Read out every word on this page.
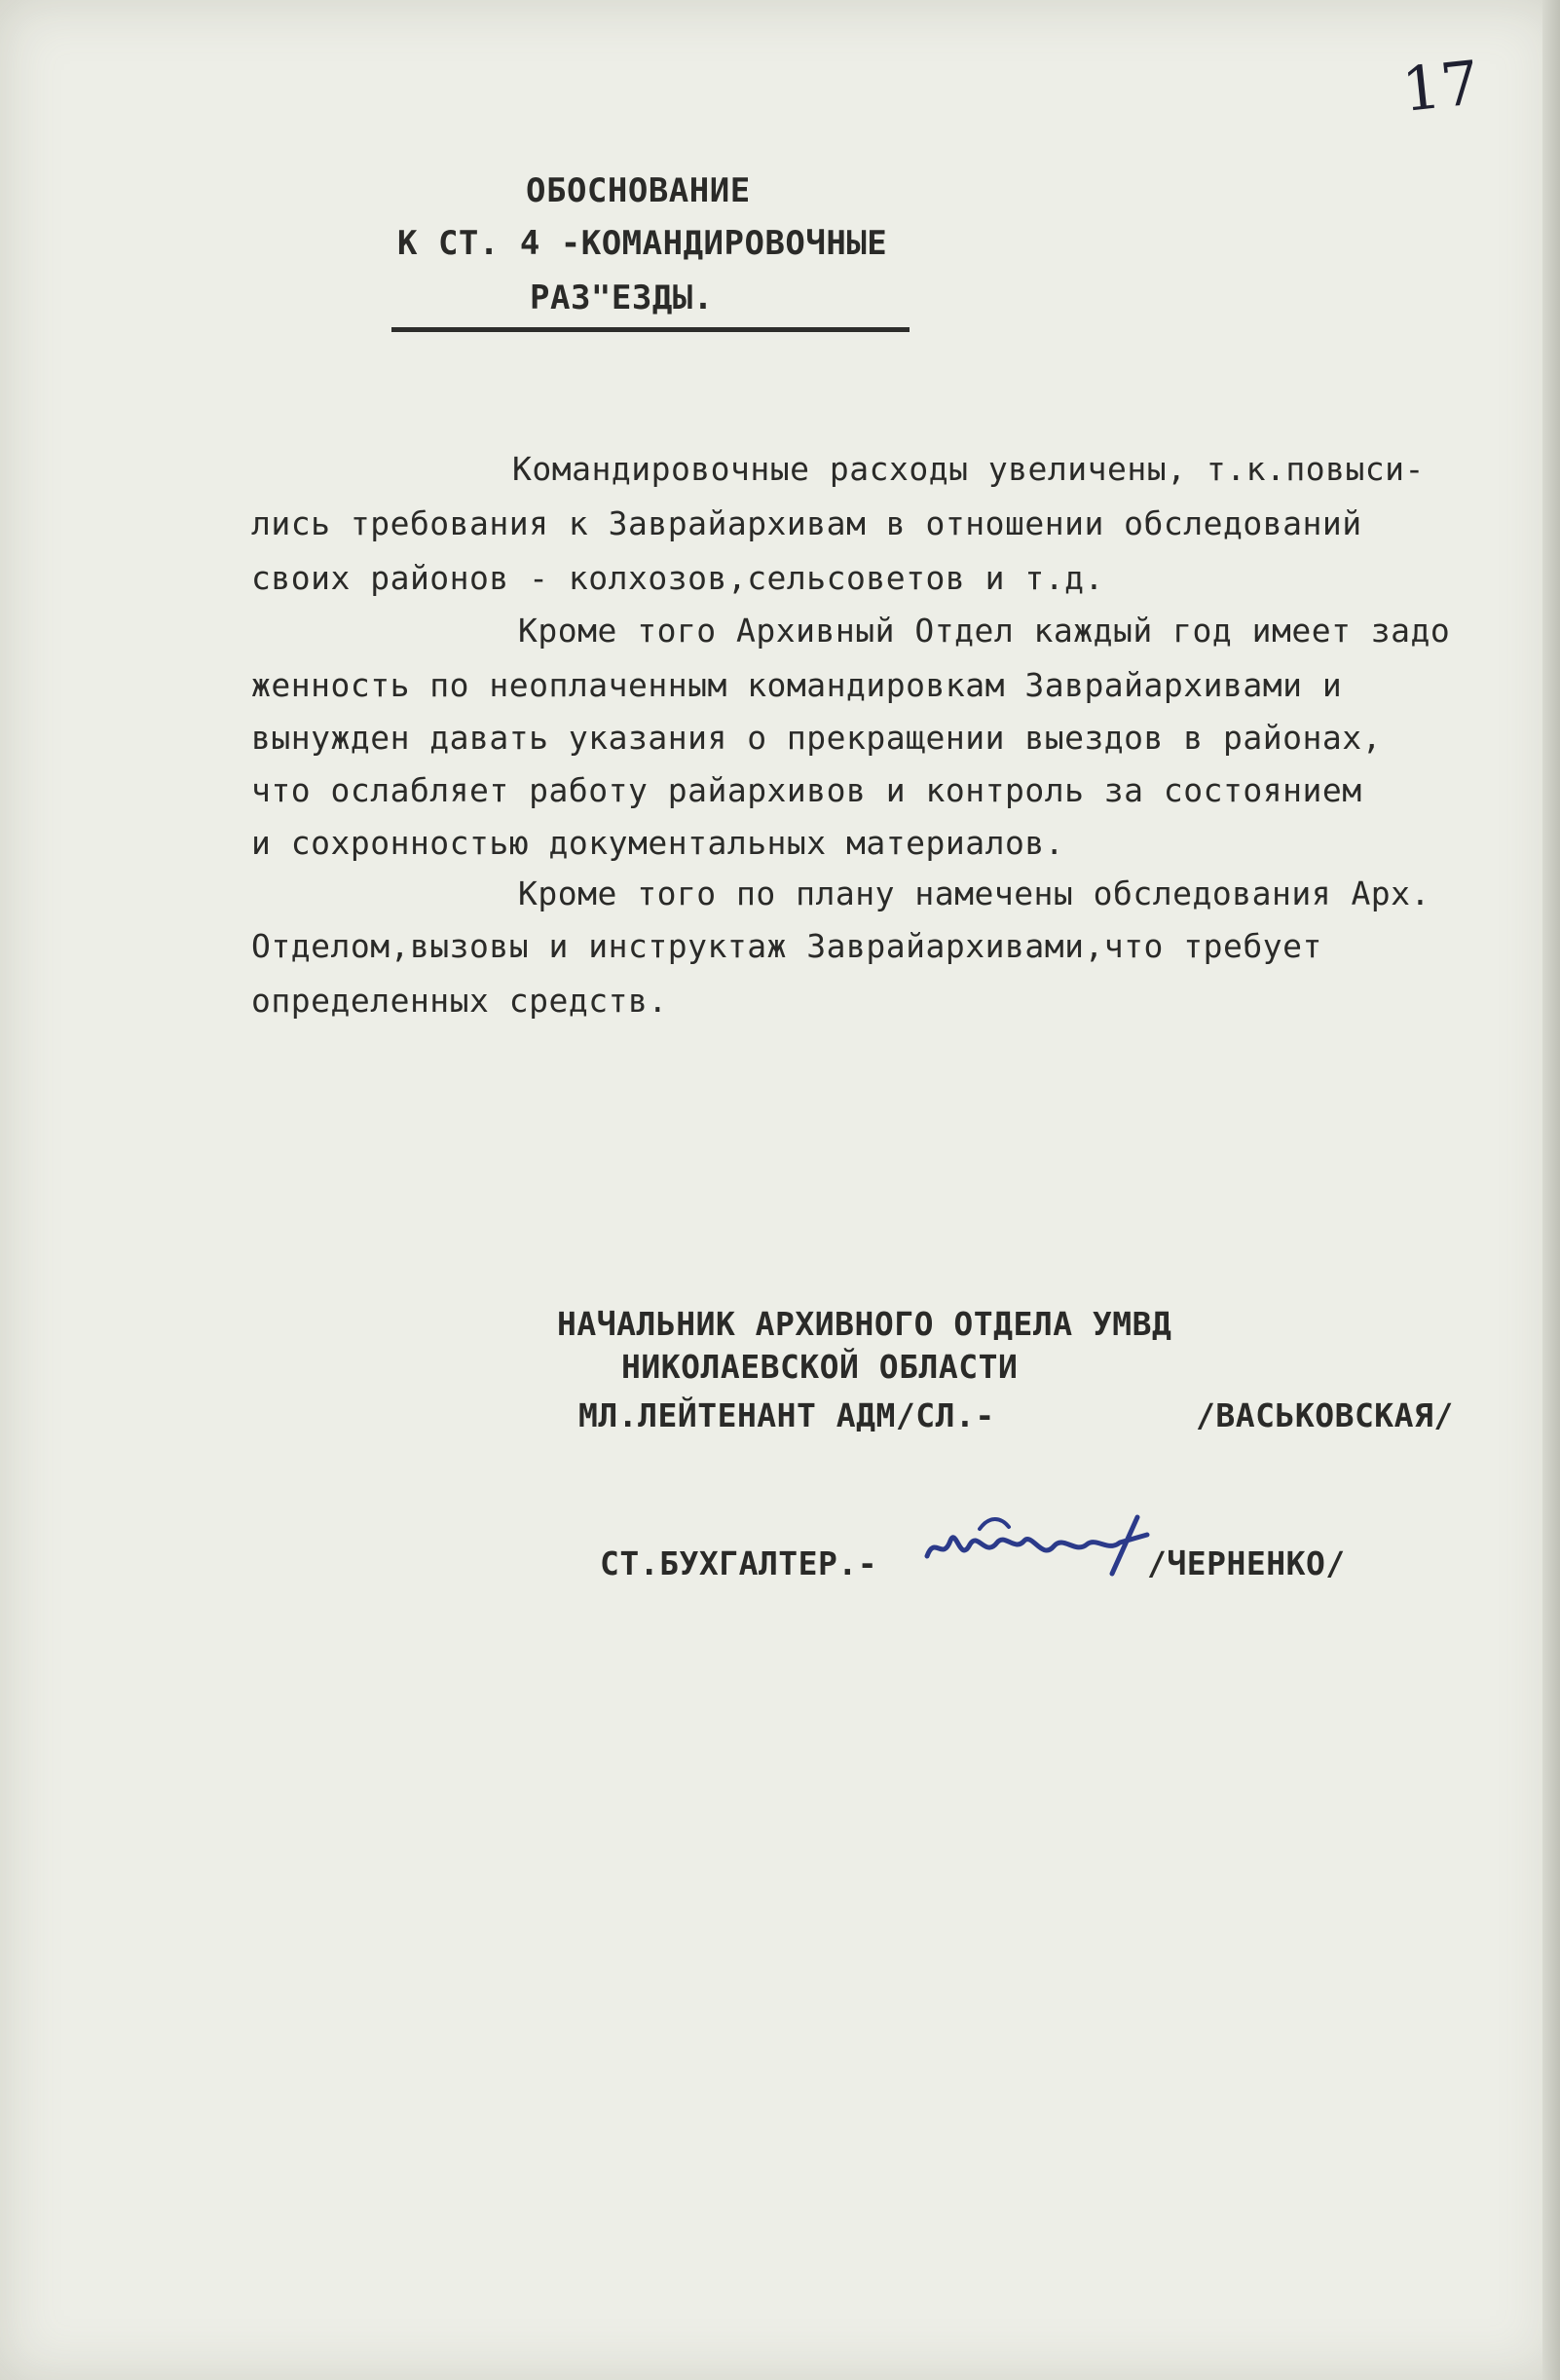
17
ОБОСНОВАНИЕ
К СТ. 4 -КОМАНДИРОВОЧНЫЕ
РАЗ"ЕЗДЫ.
Командировочные расходы увеличены, т.к.повыси-
лись требования к Заврайархивам в отношении обследований
своих районов - колхозов,сельсоветов и т.д.
Кроме того Архивный Отдел каждый год имеет задо
женность по неоплаченным командировкам Заврайархивами и
вынужден давать указания о прекращении выездов в районах,
что ослабляет работу райархивов и контроль за состоянием
и сохронностью документальных материалов.
Кроме того по плану намечены обследования Арх.
Отделом,вызовы и инструктаж Заврайархивами,что требует
определенных средств.
НАЧАЛЬНИК АРХИВНОГО ОТДЕЛА УМВД
НИКОЛАЕВСКОЙ ОБЛАСТИ
МЛ.ЛЕЙТЕНАНТ АДМ/СЛ.-	/ВАСЬКОВСКАЯ/
СТ.БУХГАЛТЕР.-	/ЧЕРНЕНКО/
